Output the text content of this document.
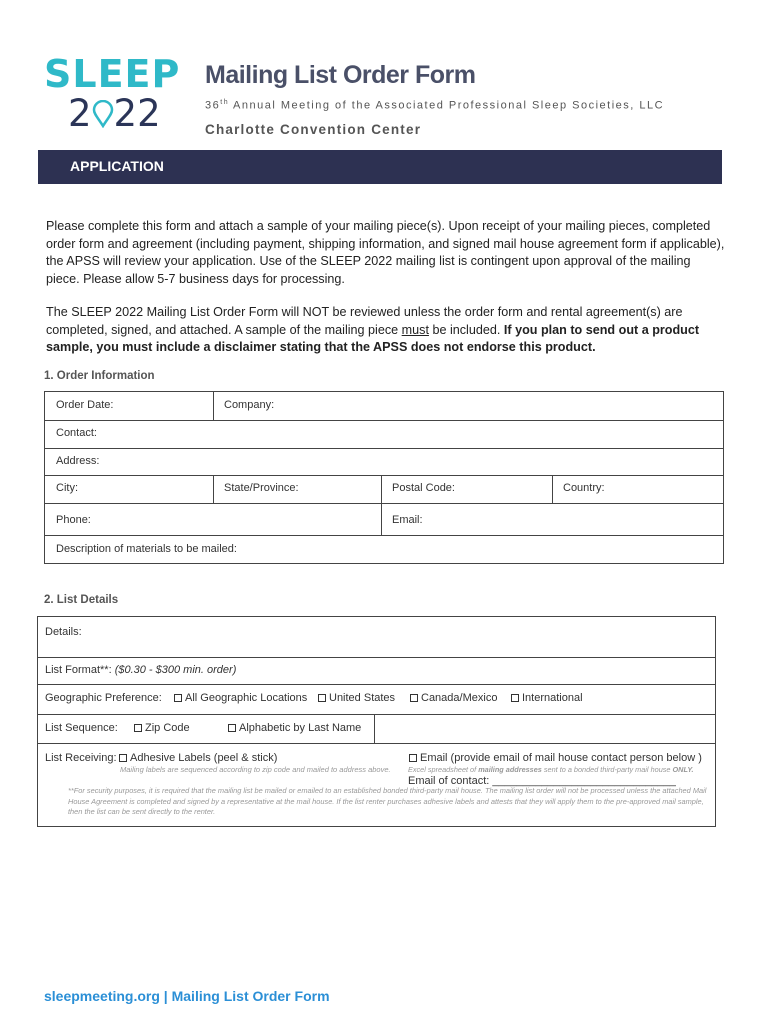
SLEEP
2 22
Mailing List Order Form
36th Annual Meeting of the Associated Professional Sleep Societies, LLC
Charlotte Convention Center
APPLICATION
Please complete this form and attach a sample of your mailing piece(s). Upon receipt of your mailing pieces, completed order form and agreement (including payment, shipping information, and signed mail house agreement form if applicable), the APSS will review your application. Use of the SLEEP 2022 mailing list is contingent upon approval of the mailing piece. Please allow 5-7 business days for processing.
The SLEEP 2022 Mailing List Order Form will NOT be reviewed unless the order form and rental agreement(s) are completed, signed, and attached. A sample of the mailing piece must be included. If you plan to send out a product sample, you must include a disclaimer stating that the APSS does not endorse this product.
1. Order Information
Order Date:	Company:
Contact:
Address:
City:	State/Province:	Postal Code:	Country:
Phone:	Email:
Description of materials to be mailed:
2. List Details
Details:
List Format**: ($0.30 - $300 min. order)
Geographic Preference:	All Geographic Locations	United States	Canada/Mexico	International
List Sequence:	Zip Code	Alphabetic by Last Name
List Receiving:	Adhesive Labels (peel & stick)
Mailing labels are sequenced according to zip code and mailed to address above.
Email (provide email of mail house contact person below )
Excel spreadsheet of mailing addresses sent to a bonded third-party mail house ONLY.
Email of contact: ______________________________
**For security purposes, it is required that the mailing list be mailed or emailed to an established bonded third-party mail house. The mailing list order will not be processed unless the attached Mail House Agreement is completed and signed by a representative at the mail house. If the list renter purchases adhesive labels and attests that they will apply them to the pre-approved mail sample, then the list can be sent directly to the renter.
sleepmeeting.org | Mailing List Order Form
